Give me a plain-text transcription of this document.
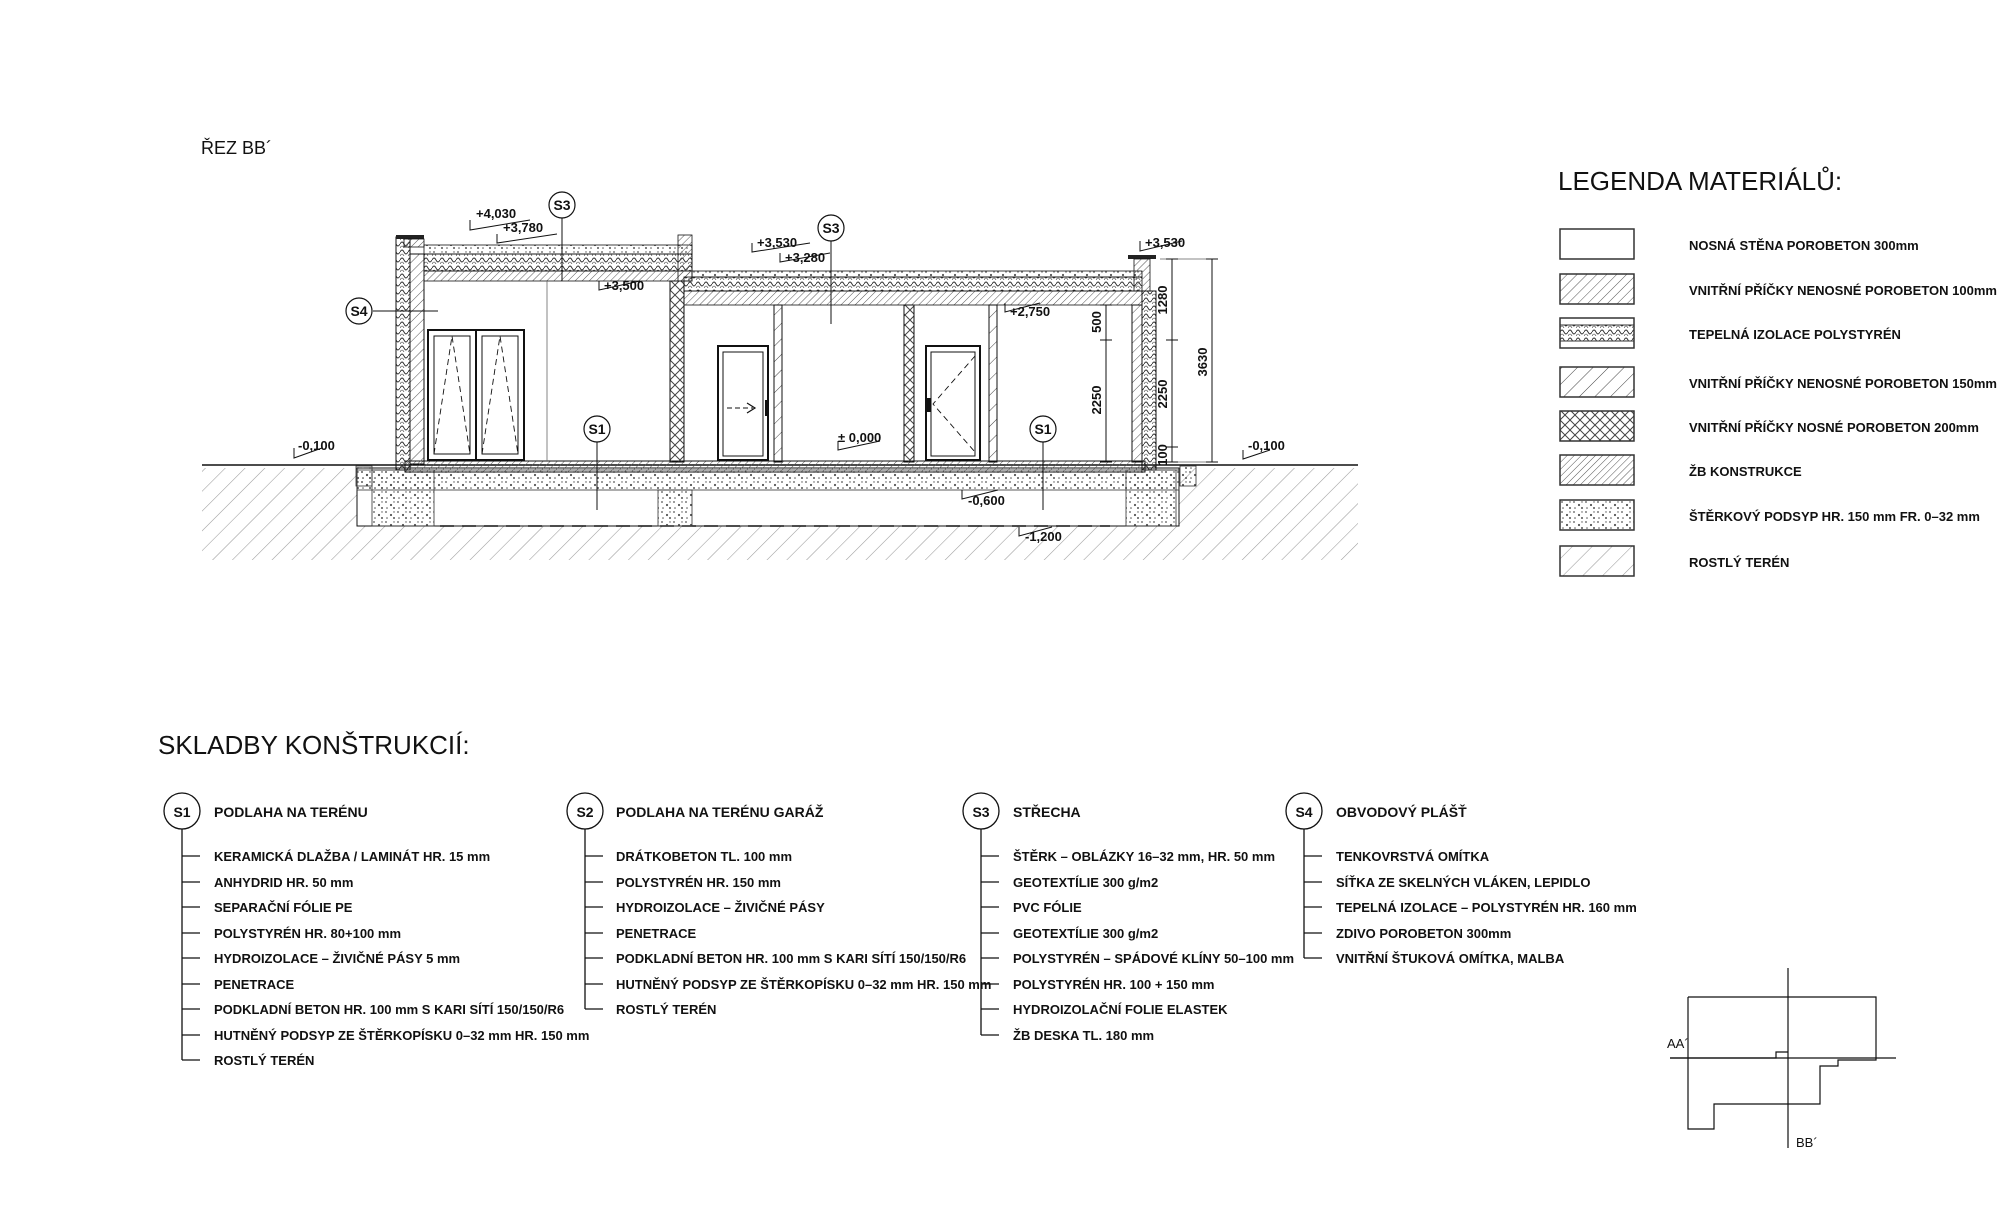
ŘEZ BB´
+4,030
+3,780
+3,500
+3,530
+3,280
+3,530
+2,750
± 0,000
-0,100	-0,100
-0,600
-1,200
500
2250
1280
2250
100
3630
S3
S3
S4
S1	S1
LEGENDA MATERIÁLŮ:
NOSNÁ STĚNA POROBETON 300mm
VNITŘNÍ PŘÍČKY NENOSNÉ POROBETON 100mm
TEPELNÁ IZOLACE POLYSTYRÉN
VNITŘNÍ PŘÍČKY NENOSNÉ POROBETON 150mm
VNITŘNÍ PŘÍČKY NOSNÉ POROBETON 200mm
ŽB KONSTRUKCE
ŠTĚRKOVÝ PODSYP HR. 150 mm FR. 0–32 mm
ROSTLÝ TERÉN
SKLADBY KONŠTRUKCIÍ:
S1 PODLAHA NA TERÉNU
KERAMICKÁ DLAŽBA / LAMINÁT HR. 15 mm
ANHYDRID HR. 50 mm
SEPARAČNÍ FÓLIE PE
POLYSTYRÉN HR. 80+100 mm
HYDROIZOLACE – ŽIVIČNÉ PÁSY 5 mm
PENETRACE
PODKLADNÍ BETON HR. 100 mm S KARI SÍTÍ 150/150/R6
HUTNĚNÝ PODSYP ZE ŠTĚRKOPÍSKU 0–32 mm HR. 150 mm
ROSTLÝ TERÉN
S2 PODLAHA NA TERÉNU GARÁŽ
DRÁTKOBETON TL. 100 mm
POLYSTYRÉN HR. 150 mm
HYDROIZOLACE – ŽIVIČNÉ PÁSY
PENETRACE
PODKLADNÍ BETON HR. 100 mm S KARI SÍTÍ 150/150/R6
HUTNĚNÝ PODSYP ZE ŠTĚRKOPÍSKU 0–32 mm HR. 150 mm
ROSTLÝ TERÉN
S3 STŘECHA
ŠTĚRK – OBLÁZKY 16–32 mm, HR. 50 mm
GEOTEXTÍLIE 300 g/m2
PVC FÓLIE
GEOTEXTÍLIE 300 g/m2
POLYSTYRÉN – SPÁDOVÉ KLÍNY 50–100 mm
POLYSTYRÉN HR. 100 + 150 mm
HYDROIZOLAČNÍ FOLIE ELASTEK
ŽB DESKA TL. 180 mm
S4 OBVODOVÝ PLÁŠŤ
TENKOVRSTVÁ OMÍTKA
SÍŤKA ZE SKELNÝCH VLÁKEN, LEPIDLO
TEPELNÁ IZOLACE – POLYSTYRÉN HR. 160 mm
ZDIVO POROBETON 300mm
VNITŘNÍ ŠTUKOVÁ OMÍTKA, MALBA
AA´
BB´
